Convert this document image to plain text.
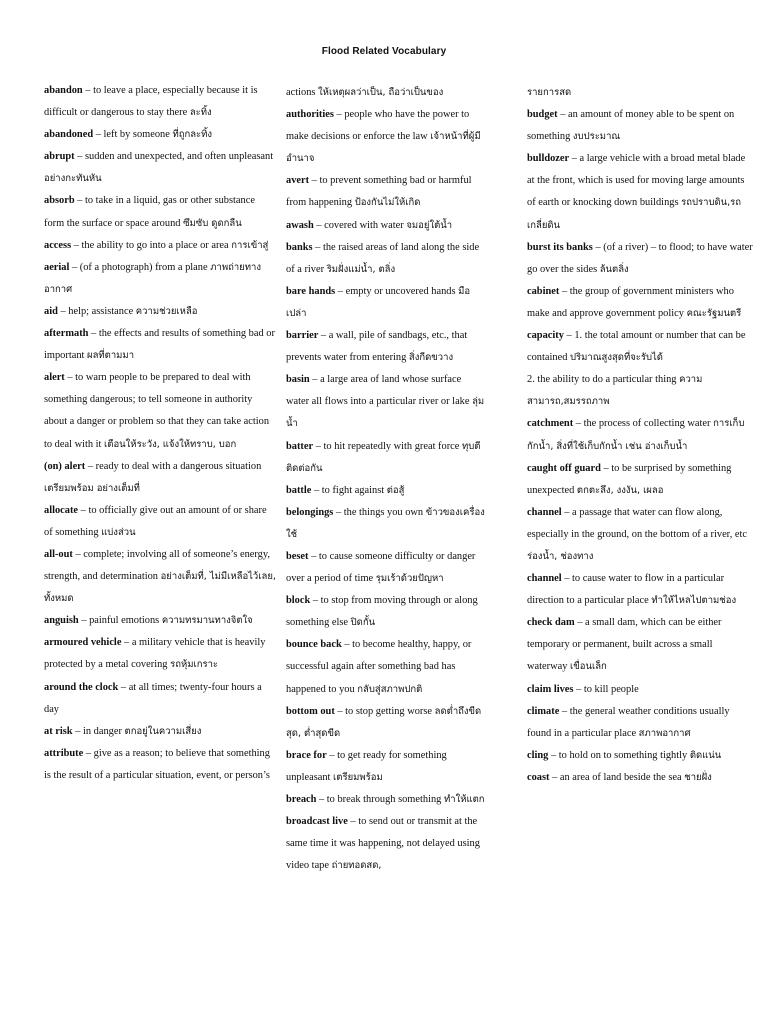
Flood Related Vocabulary

abandon – to leave a place, especially because it is difficult or dangerous to stay there ละทิ้ง

abandoned – left by someone ที่ถูกละทิ้ง

abrupt – sudden and unexpected, and often unpleasant อย่างกะทันหัน

absorb – to take in a liquid, gas or other substance form the surface or space around ซึมซับ ดูดกลืน

access – the ability to go into a place or area การเข้าสู่

aerial – (of a photograph) from a plane ภาพถ่ายทางอากาศ

aid – help; assistance ความช่วยเหลือ

aftermath – the effects and results of something bad or important ผลที่ตามมา

alert – to warn people to be prepared to deal with something dangerous; to tell someone in authority about a danger or problem so that they can take action to deal with it เตือนให้ระวัง, แจ้งให้ทราบ, บอก

(on) alert – ready to deal with a dangerous situation เตรียมพร้อม อย่างเต็มที่

allocate – to officially give out an amount of or share of something แบ่งส่วน

all-out – complete; involving all of someone’s energy, strength, and determination อย่างเต็มที่, ไม่มีเหลือไว้เลย, ทั้งหมด

anguish – painful emotions ความทรมานทางจิตใจ

armoured vehicle – a military vehicle that is heavily protected by a metal covering รถหุ้มเกราะ

around the clock – at all times; twenty-four hours a day

at risk – in danger ตกอยู่ในความเสี่ยง

attribute – give as a reason; to believe that something is the result of a particular situation, event, or person’s

actions ให้เหตุผลว่าเป็น, ถือว่าเป็นของ

authorities – people who have the power to make decisions or enforce the law เจ้าหน้าที่ผู้มีอำนาจ

avert – to prevent something bad or harmful from happening ป้องกันไม่ให้เกิด

awash – covered with water จมอยู่ใต้น้ำ

banks – the raised areas of land along the side of a river ริมฝั่งแม่น้ำ, ตลิ่ง

bare hands – empty or uncovered hands มือเปล่า

barrier – a wall, pile of sandbags, etc., that prevents water from entering สิ่งกีดขวาง

basin – a large area of land whose surface water all flows into a particular river or lake ลุ่มน้ำ

batter – to hit repeatedly with great force ทุบตีติดต่อกัน

battle – to fight against ต่อสู้

belongings – the things you own ข้าวของเครื่องใช้

beset – to cause someone difficulty or danger over a period of time รุมเร้าด้วยปัญหา

block – to stop from moving through or along something else ปิดกั้น

bounce back – to become healthy, happy, or successful again after something bad has happened to you กลับสู่สภาพปกติ

bottom out – to stop getting worse ลดต่ำถึงขีดสุด, ต่ำสุดขีด

brace for – to get ready for something unpleasant เตรียมพร้อม

breach – to break through something ทำให้แตก

broadcast live – to send out or transmit at the same time it was happening, not delayed using video tape ถ่ายทอดสด,

รายการสด

budget – an amount of money able to be spent on something งบประมาณ

bulldozer – a large vehicle with a broad metal blade at the front, which is used for moving large amounts of earth or knocking down buildings รถปราบดิน,รถเกลี่ยดิน

burst its banks – (of a river) – to flood; to have water go over the sides ล้นตลิ่ง

cabinet – the group of government ministers who make and approve government policy คณะรัฐมนตรี

capacity – 1. the total amount or number that can be contained ปริมาณสูงสุดที่จะรับได้

2. the ability to do a particular thing ความสามารถ,สมรรถภาพ

catchment – the process of collecting water การเก็บกักน้ำ, สิ่งที่ใช้เก็บกักน้ำ เช่น อ่างเก็บน้ำ

caught off guard – to be surprised by something unexpected ตกตะลึง, งงงัน, เผลอ

channel – a passage that water can flow along, especially in the ground, on the bottom of a river, etc ร่องน้ำ, ช่องทาง

channel – to cause water to flow in a particular direction to a particular place ทำให้ไหลไปตามช่อง

check dam – a small dam, which can be either temporary or permanent, built across a small waterway เขื่อนเล็ก

claim lives – to kill people

climate – the general weather conditions usually found in a particular place สภาพอากาศ

cling – to hold on to something tightly ติดแน่น

coast – an area of land beside the sea ชายฝั่ง
